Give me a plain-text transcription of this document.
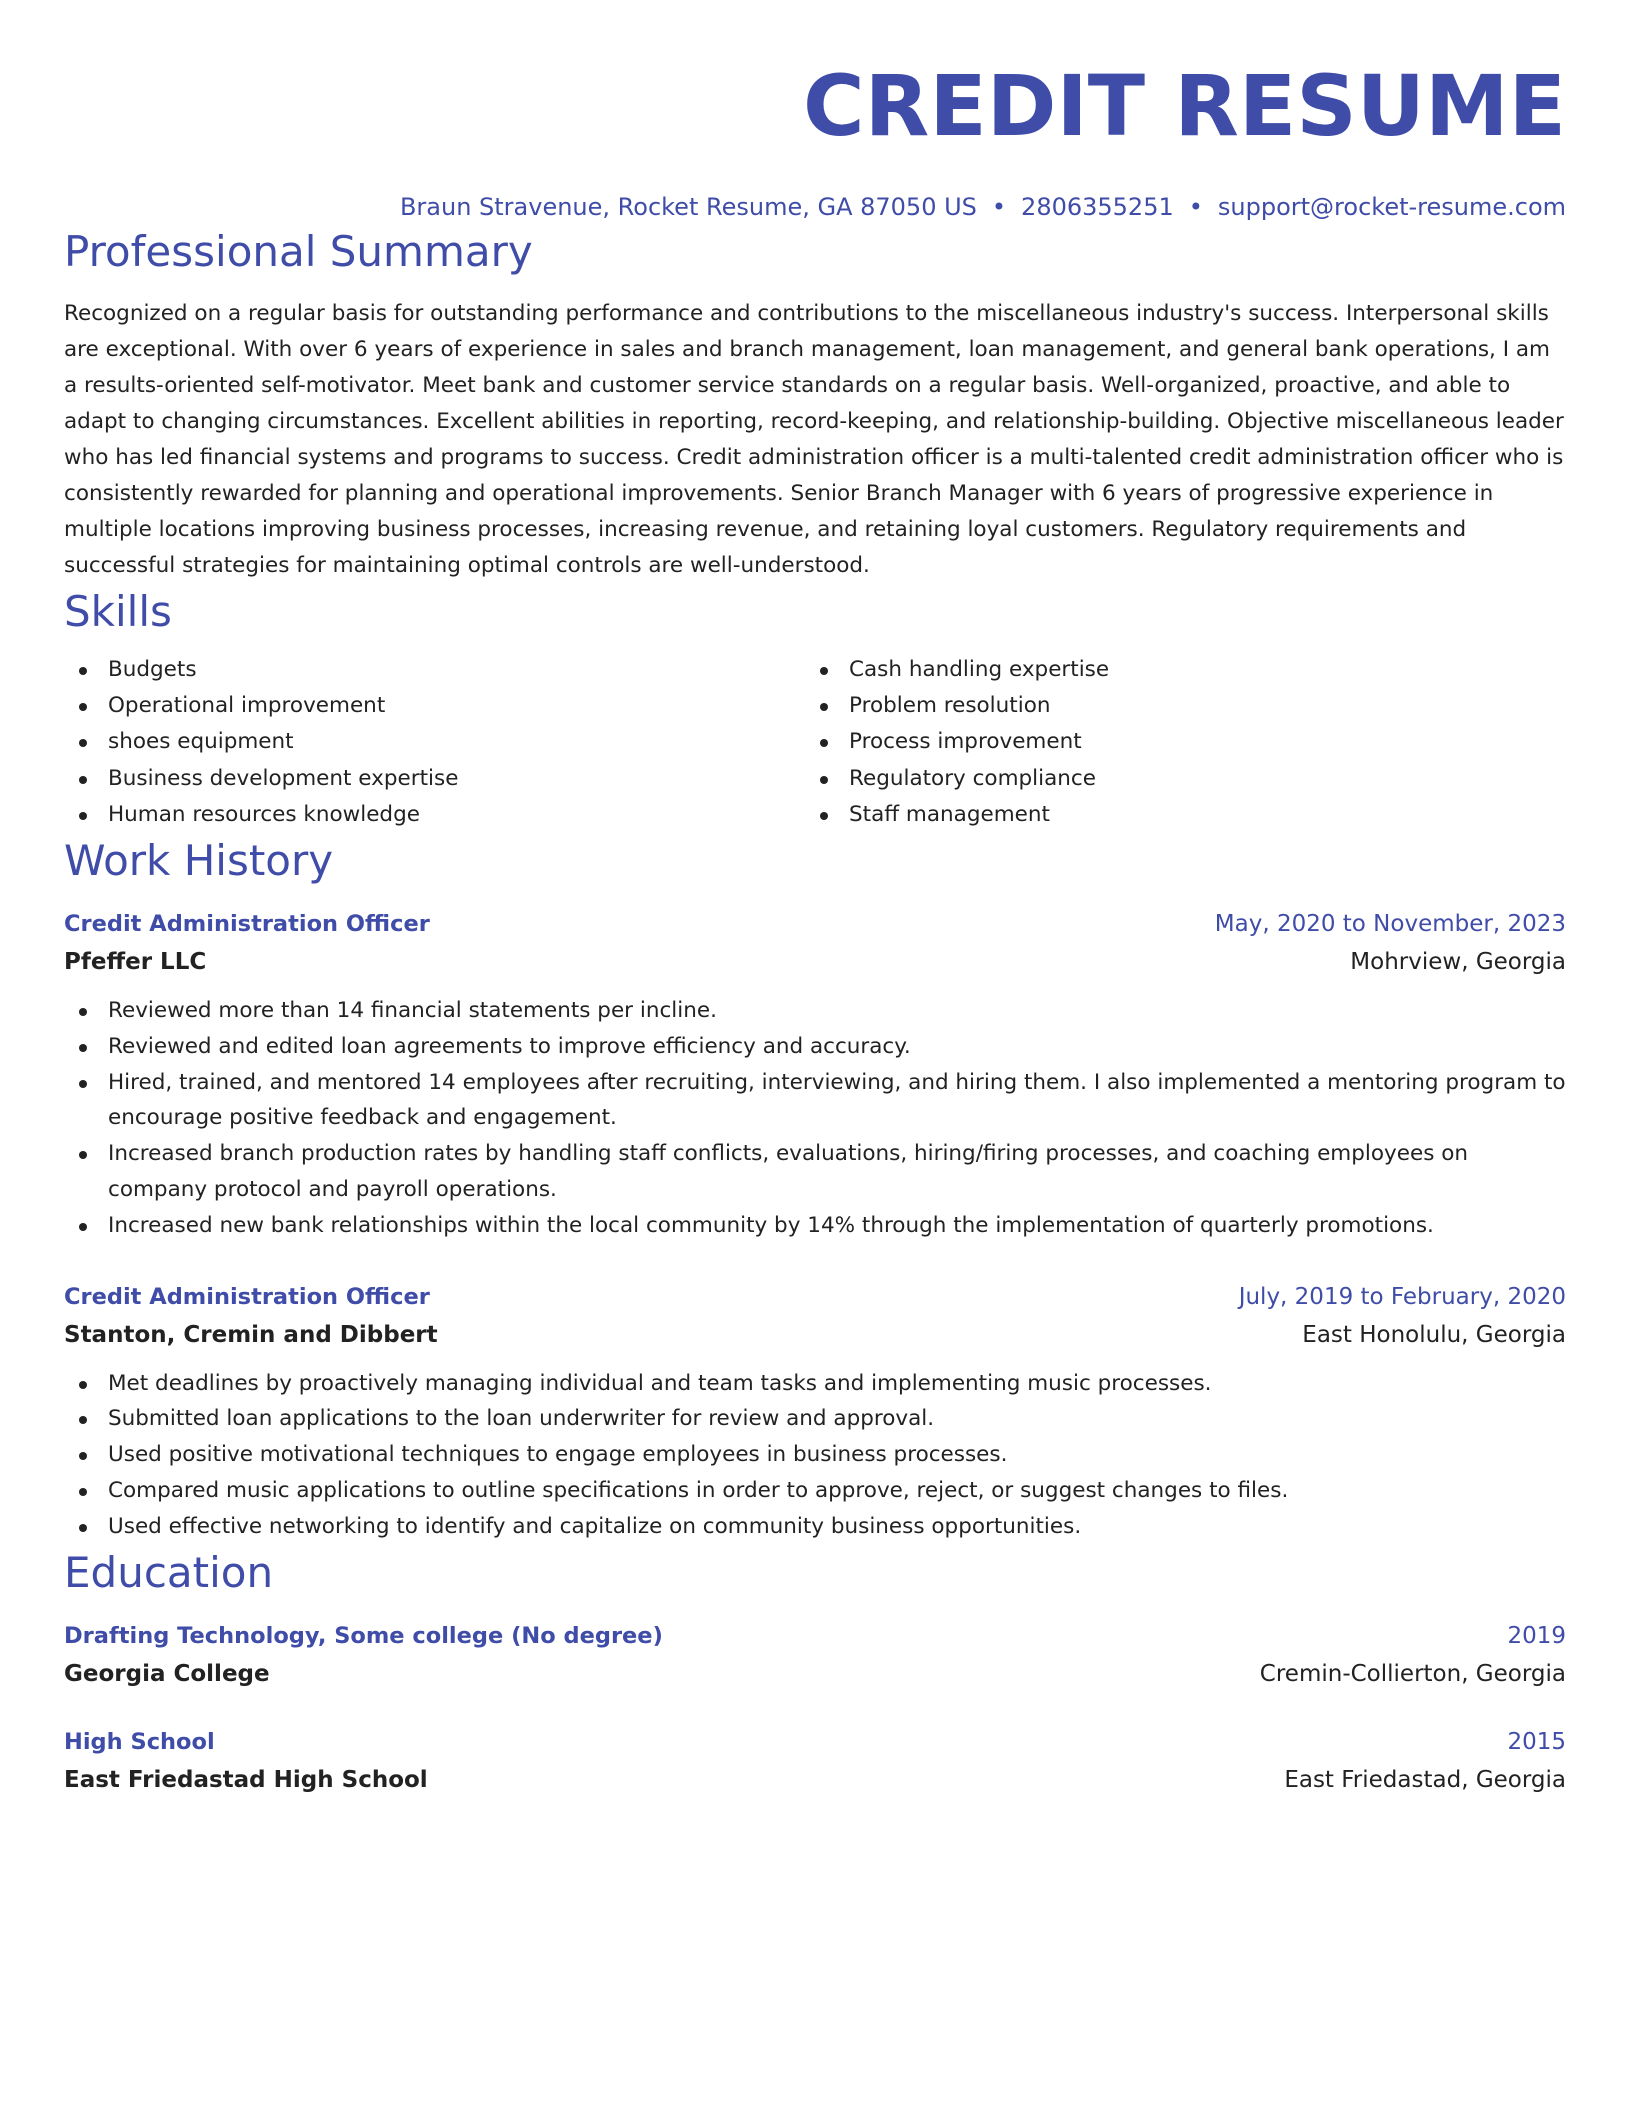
CREDIT RESUME
Braun Stravenue, Rocket Resume, GA 87050 US • 2806355251 • support@rocket-resume.com
Professional Summary
Recognized on a regular basis for outstanding performance and contributions to the miscellaneous industry's success. Interpersonal skills are exceptional. With over 6 years of experience in sales and branch management, loan management, and general bank operations, I am a results-oriented self-motivator. Meet bank and customer service standards on a regular basis. Well-organized, proactive, and able to adapt to changing circumstances. Excellent abilities in reporting, record-keeping, and relationship-building. Objective miscellaneous leader who has led financial systems and programs to success. Credit administration officer is a multi-talented credit administration officer who is consistently rewarded for planning and operational improvements. Senior Branch Manager with 6 years of progressive experience in multiple locations improving business processes, increasing revenue, and retaining loyal customers. Regulatory requirements and successful strategies for maintaining optimal controls are well-understood.
Skills
Budgets
Operational improvement
shoes equipment
Business development expertise
Human resources knowledge
Cash handling expertise
Problem resolution
Process improvement
Regulatory compliance
Staff management
Work History
Credit Administration Officer	May, 2020 to November, 2023
Pfeffer LLC	Mohrview, Georgia
Reviewed more than 14 financial statements per incline.
Reviewed and edited loan agreements to improve efficiency and accuracy.
Hired, trained, and mentored 14 employees after recruiting, interviewing, and hiring them. I also implemented a mentoring program to encourage positive feedback and engagement.
Increased branch production rates by handling staff conflicts, evaluations, hiring/firing processes, and coaching employees on company protocol and payroll operations.
Increased new bank relationships within the local community by 14% through the implementation of quarterly promotions.
Credit Administration Officer	July, 2019 to February, 2020
Stanton, Cremin and Dibbert	East Honolulu, Georgia
Met deadlines by proactively managing individual and team tasks and implementing music processes.
Submitted loan applications to the loan underwriter for review and approval.
Used positive motivational techniques to engage employees in business processes.
Compared music applications to outline specifications in order to approve, reject, or suggest changes to files.
Used effective networking to identify and capitalize on community business opportunities.
Education
Drafting Technology, Some college (No degree)	2019
Georgia College	Cremin-Collierton, Georgia
High School	2015
East Friedastad High School	East Friedastad, Georgia
